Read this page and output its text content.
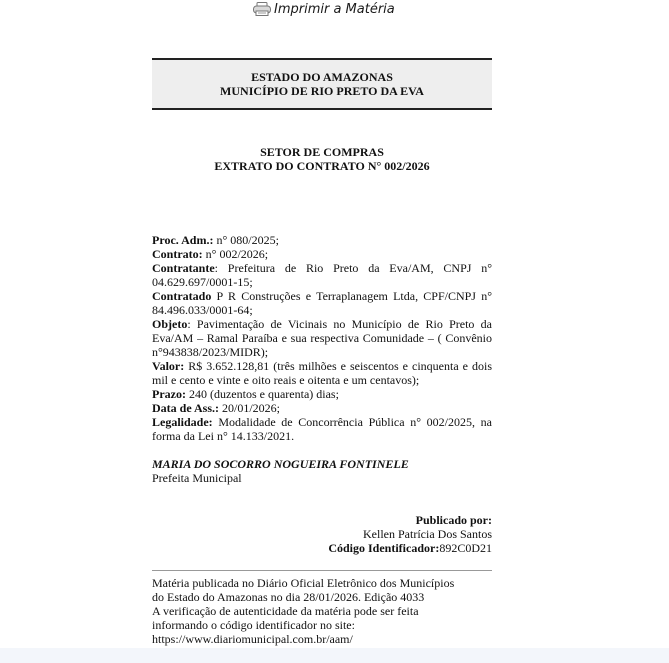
Imprimir a Matéria
ESTADO DO AMAZONAS
MUNICÍPIO DE RIO PRETO DA EVA
SETOR DE COMPRAS
EXTRATO DO CONTRATO N° 002/2026

Proc. Adm.: n° 080/2025;

Contrato: n° 002/2026;

Contratante: Prefeitura de Rio Preto da Eva/AM, CNPJ n° 04.629.697/0001-15;

Contratado P R Construções e Terraplanagem Ltda, CPF/CNPJ n° 84.496.033/0001-64;

Objeto: Pavimentação de Vicinais no Município de Rio Preto da Eva/AM – Ramal Paraíba e sua respectiva Comunidade – ( Convênio n°943838/2023/MIDR);

Valor: R$ 3.652.128,81 (três milhões e seiscentos e cinquenta e dois mil e cento e vinte e oito reais e oitenta e um centavos);

Prazo: 240 (duzentos e quarenta) dias;

Data de Ass.: 20/01/2026;

Legalidade: Modalidade de Concorrência Pública n° 002/2025, na forma da Lei n° 14.133/2021.

MARIA DO SOCORRO NOGUEIRA FONTINELE
Prefeita Municipal
Publicado por:
Kellen Patrícia Dos Santos
Código Identificador:892C0D21
Matéria publicada no Diário Oficial Eletrônico dos Municípios
do Estado do Amazonas no dia 28/01/2026. Edição 4033
A verificação de autenticidade da matéria pode ser feita
informando o código identificador no site:
https://www.diariomunicipal.com.br/aam/
